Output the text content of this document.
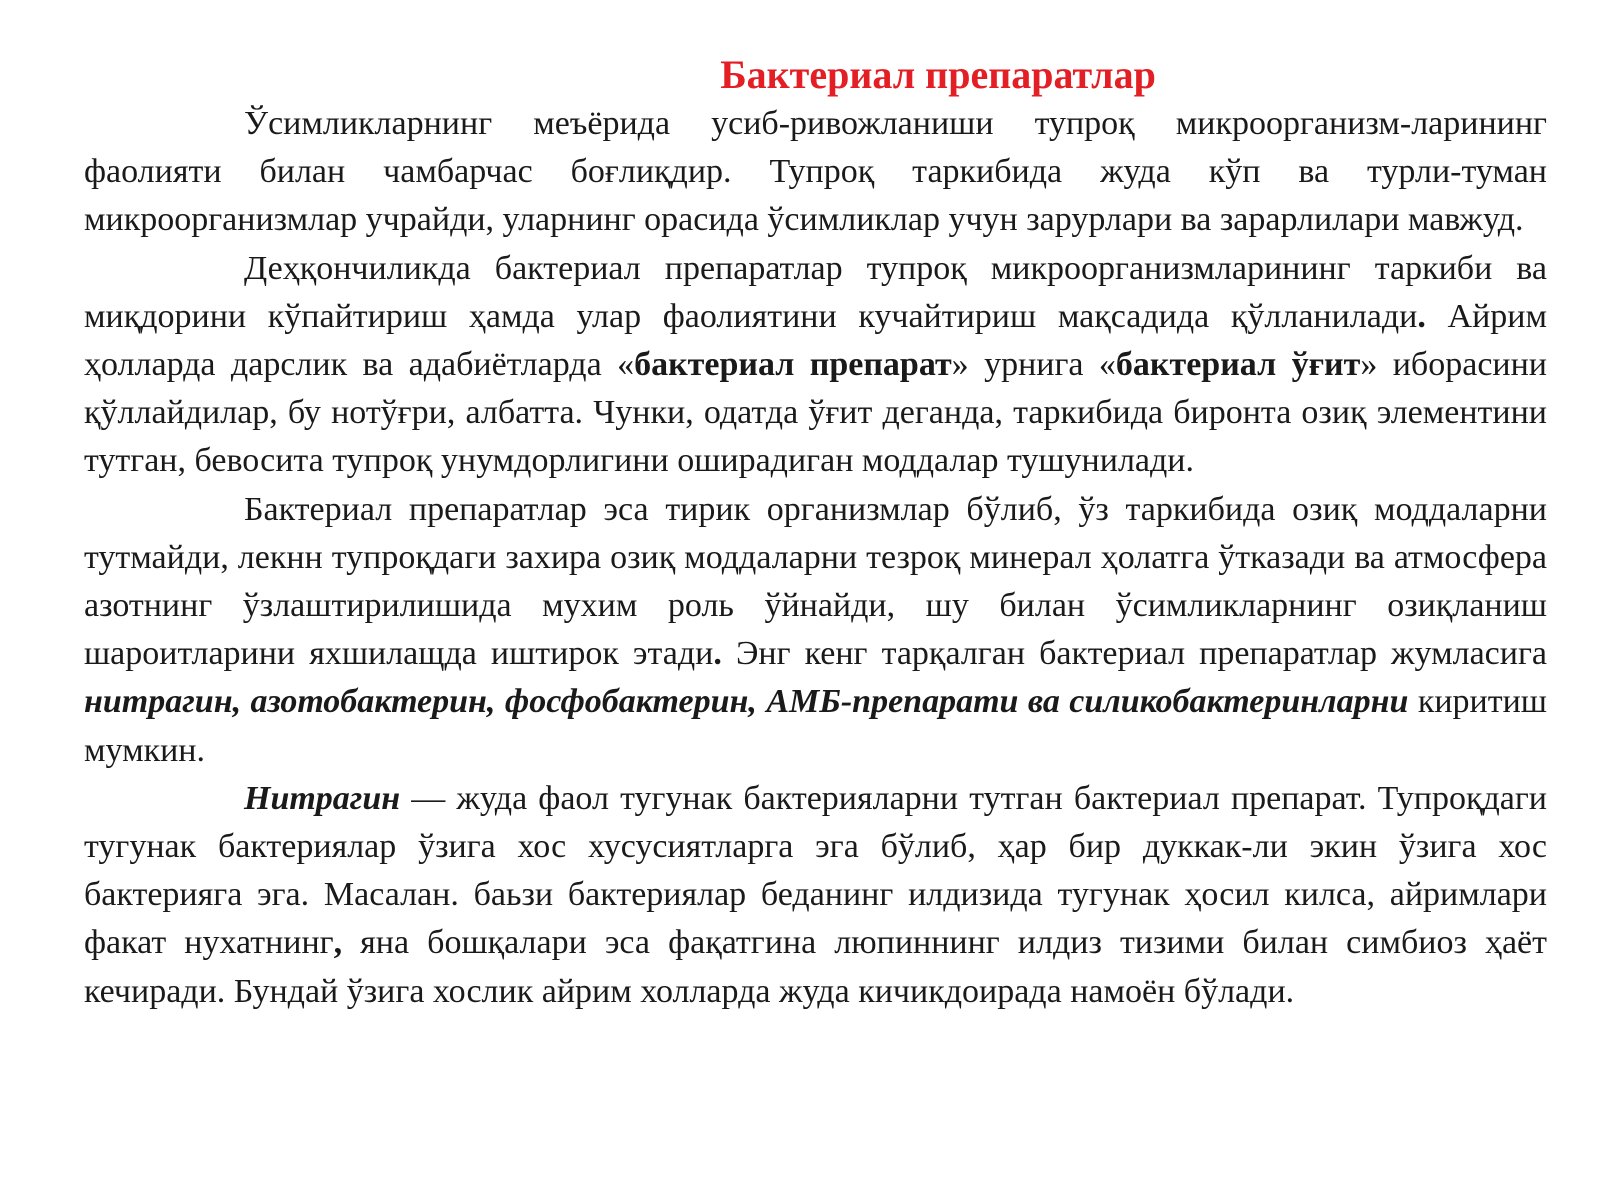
Бактериал препаратлар

Ўсимликларнинг меъёрида усиб-ривожланиши тупроқ микроорганизм-ларининг фаолияти билан чамбарчас боғлиқдир. Тупроқ таркибида жуда кўп ва турли-туман микроорганизмлар учрайди, уларнинг орасида ўсимликлар учун зарурлари ва зарарлилари мавжуд.

Деҳқончиликда бактериал препаратлар тупроқ микроорганизмларининг таркиби ва миқдорини кўпайтириш ҳамда улар фаолиятини кучайтириш мақсадида қўлланилади. Айрим ҳолларда дарслик ва адабиётларда «бактериал препарат» урнига «бактериал ўғит» иборасини қўллайдилар, бу нотўғри, албатта. Чунки, одатда ўғит деганда, таркибида биронта озиқ элементини тутган, бевосита тупроқ унумдорлигини оширадиган моддалар тушунилади.

Бактериал препаратлар эса тирик организмлар бўлиб, ўз таркибида озиқ моддаларни тутмайди, лекнн тупроқдаги захира озиқ моддаларни тезроқ минерал ҳолатга ўтказади ва атмосфера азотнинг ўзлаштирилишида мухим роль ўйнайди, шу билан ўсимликларнинг озиқланиш шароитларини яхшилащда иштирок этади. Энг кенг тарқалган бактериал препаратлар жумласига нитрагин, азотобактерин, фосфобактерин, АМБ-препарати ва силикобактеринларни киритиш мумкин.

Нитрагин — жуда фаол тугунак бактерияларни тутган бактериал препарат. Тупроқдаги тугунак бактериялар ўзига хос хусусиятларга эга бўлиб, ҳар бир дуккак-ли экин ўзига хос бактерияга эга. Масалан. баьзи бактериялар беданинг илдизида тугунак ҳосил килса, айримлари факат нухатнинг, яна бошқалари эса фақатгина люпиннинг илдиз тизими билан симбиоз ҳаёт кечиради. Бундай ўзига хослик айрим холларда жуда кичикдоирада намоён бўлади.
